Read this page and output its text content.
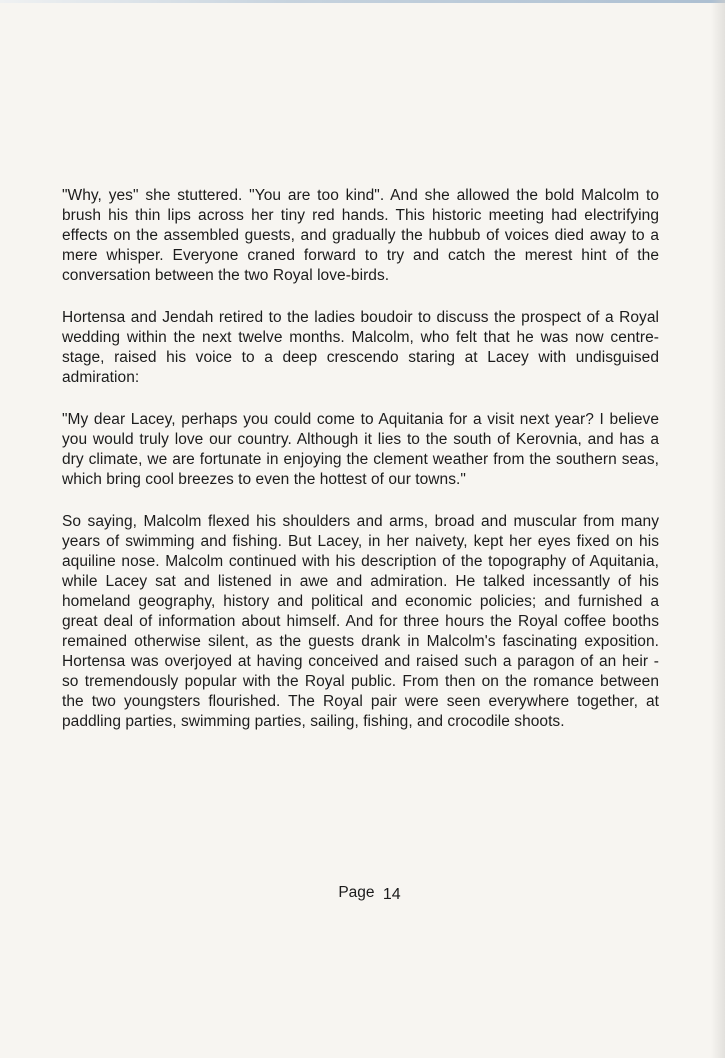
"Why, yes" she stuttered. "You are too kind". And she allowed the bold Malcolm to brush his thin lips across her tiny red hands. This historic meeting had electrifying effects on the assembled guests, and gradually the hubbub of voices died away to a mere whisper. Everyone craned forward to try and catch the merest hint of the conversation between the two Royal love-birds.

Hortensa and Jendah retired to the ladies boudoir to discuss the prospect of a Royal wedding within the next twelve months. Malcolm, who felt that he was now centre-stage, raised his voice to a deep crescendo staring at Lacey with undisguised admiration:

"My dear Lacey, perhaps you could come to Aquitania for a visit next year? I believe you would truly love our country. Although it lies to the south of Kerovnia, and has a dry climate, we are fortunate in enjoying the clement weather from the southern seas, which bring cool breezes to even the hottest of our towns."

So saying, Malcolm flexed his shoulders and arms, broad and muscular from many years of swimming and fishing. But Lacey, in her naivety, kept her eyes fixed on his aquiline nose. Malcolm continued with his description of the topography of Aquitania, while Lacey sat and listened in awe and admiration. He talked incessantly of his homeland geography, history and political and economic policies; and furnished a great deal of information about himself. And for three hours the Royal coffee booths remained otherwise silent, as the guests drank in Malcolm's fascinating exposition. Hortensa was overjoyed at having conceived and raised such a paragon of an heir - so tremendously popular with the Royal public. From then on the romance between the two youngsters flourished. The Royal pair were seen everywhere together, at paddling parties, swimming parties, sailing, fishing, and crocodile shoots.

Page 14
